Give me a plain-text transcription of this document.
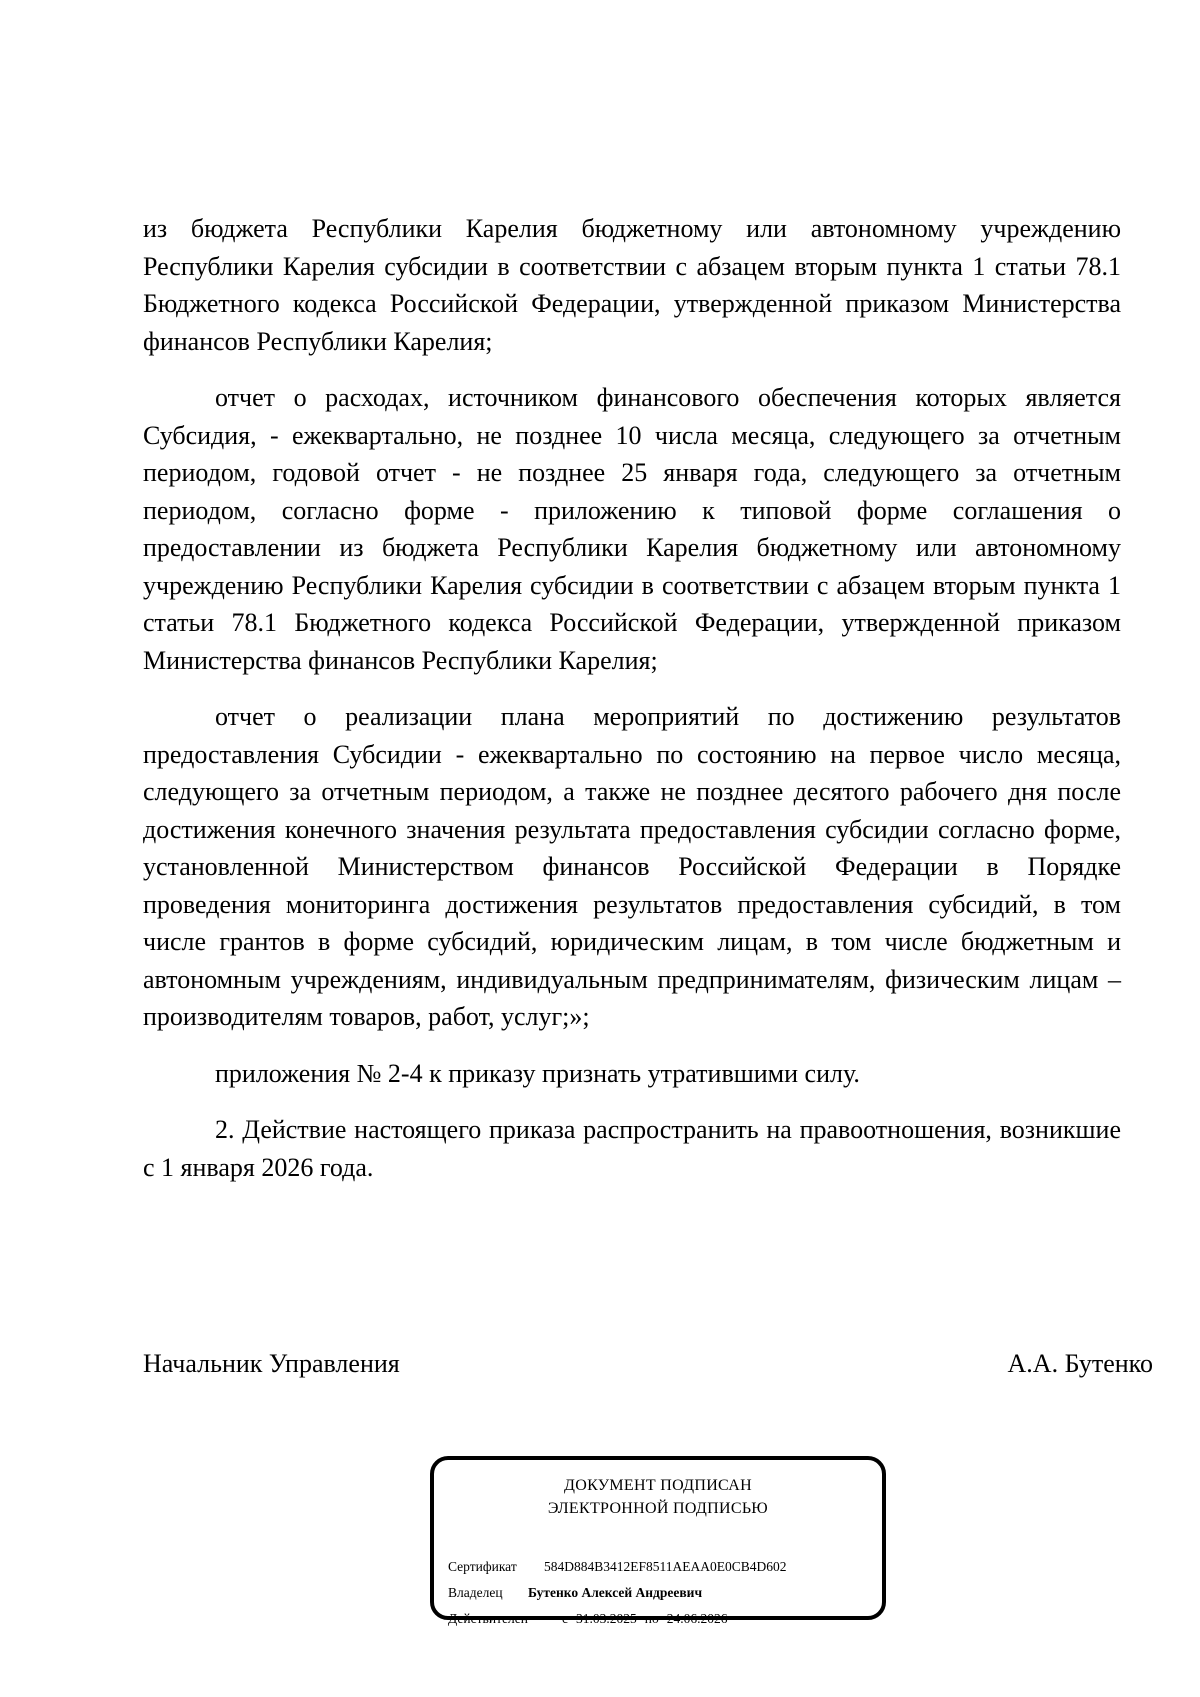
из бюджета Республики Карелия бюджетному или автономному учреждению Республики Карелия субсидии в соответствии с абзацем вторым пункта 1 статьи 78.1 Бюджетного кодекса Российской Федерации, утвержденной приказом Министерства финансов Республики Карелия;

отчет о расходах, источником финансового обеспечения которых является Субсидия, - ежеквартально, не позднее 10 числа месяца, следующего за отчетным периодом, годовой отчет - не позднее 25 января года, следующего за отчетным периодом, согласно форме - приложению к типовой форме соглашения о предоставлении из бюджета Республики Карелия бюджетному или автономному учреждению Республики Карелия субсидии в соответствии с абзацем вторым пункта 1 статьи 78.1 Бюджетного кодекса Российской Федерации, утвержденной приказом Министерства финансов Республики Карелия;

отчет о реализации плана мероприятий по достижению результатов предоставления Субсидии - ежеквартально по состоянию на первое число месяца, следующего за отчетным периодом, а также не позднее десятого рабочего дня после достижения конечного значения результата предоставления субсидии согласно форме, установленной Министерством финансов Российской Федерации в Порядке проведения мониторинга достижения результатов предоставления субсидий, в том числе грантов в форме субсидий, юридическим лицам, в том числе бюджетным и автономным учреждениям, индивидуальным предпринимателям, физическим лицам – производителям товаров, работ, услуг;»;

приложения № 2-4 к приказу признать утратившими силу.

2. Действие настоящего приказа распространить на правоотношения, возникшие с 1 января 2026 года.

Начальник Управления	А.А. Бутенко
ДОКУМЕНТ ПОДПИСАН
ЭЛЕКТРОННОЙ ПОДПИСЬЮ
Сертификат	584D884B3412EF8511AEAA0E0CB4D602
Владелец	Бутенко Алексей Андреевич
Действителен	с 31.03.2025 по 24.06.2026
